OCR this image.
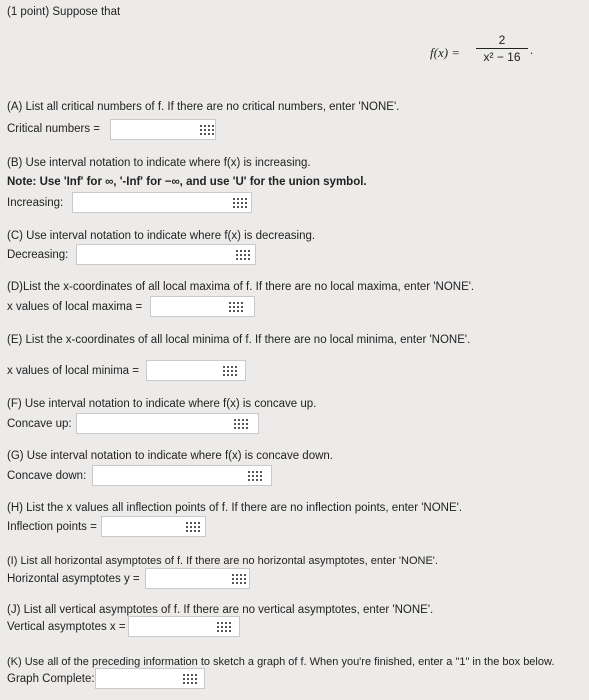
(1 point) Suppose that
f(x) =
2
x² − 16 .
(A) List all critical numbers of f. If there are no critical numbers, enter 'NONE'.
Critical numbers =
(B) Use interval notation to indicate where f(x) is increasing.
Note: Use 'Inf' for ∞, '-Inf' for −∞, and use 'U' for the union symbol.
Increasing:
(C) Use interval notation to indicate where f(x) is decreasing.
Decreasing:
(D)List the x-coordinates of all local maxima of f. If there are no local maxima, enter 'NONE'.
x values of local maxima =
(E) List the x-coordinates of all local minima of f. If there are no local minima, enter 'NONE'.
x values of local minima =
(F) Use interval notation to indicate where f(x) is concave up.
Concave up:
(G) Use interval notation to indicate where f(x) is concave down.
Concave down:
(H) List the x values all inflection points of f. If there are no inflection points, enter 'NONE'.
Inflection points =
(I) List all horizontal asymptotes of f. If there are no horizontal asymptotes, enter 'NONE'.
Horizontal asymptotes y =
(J) List all vertical asymptotes of f. If there are no vertical asymptotes, enter 'NONE'.
Vertical asymptotes x =
(K) Use all of the preceding information to sketch a graph of f. When you're finished, enter a "1" in the box below.
Graph Complete:
